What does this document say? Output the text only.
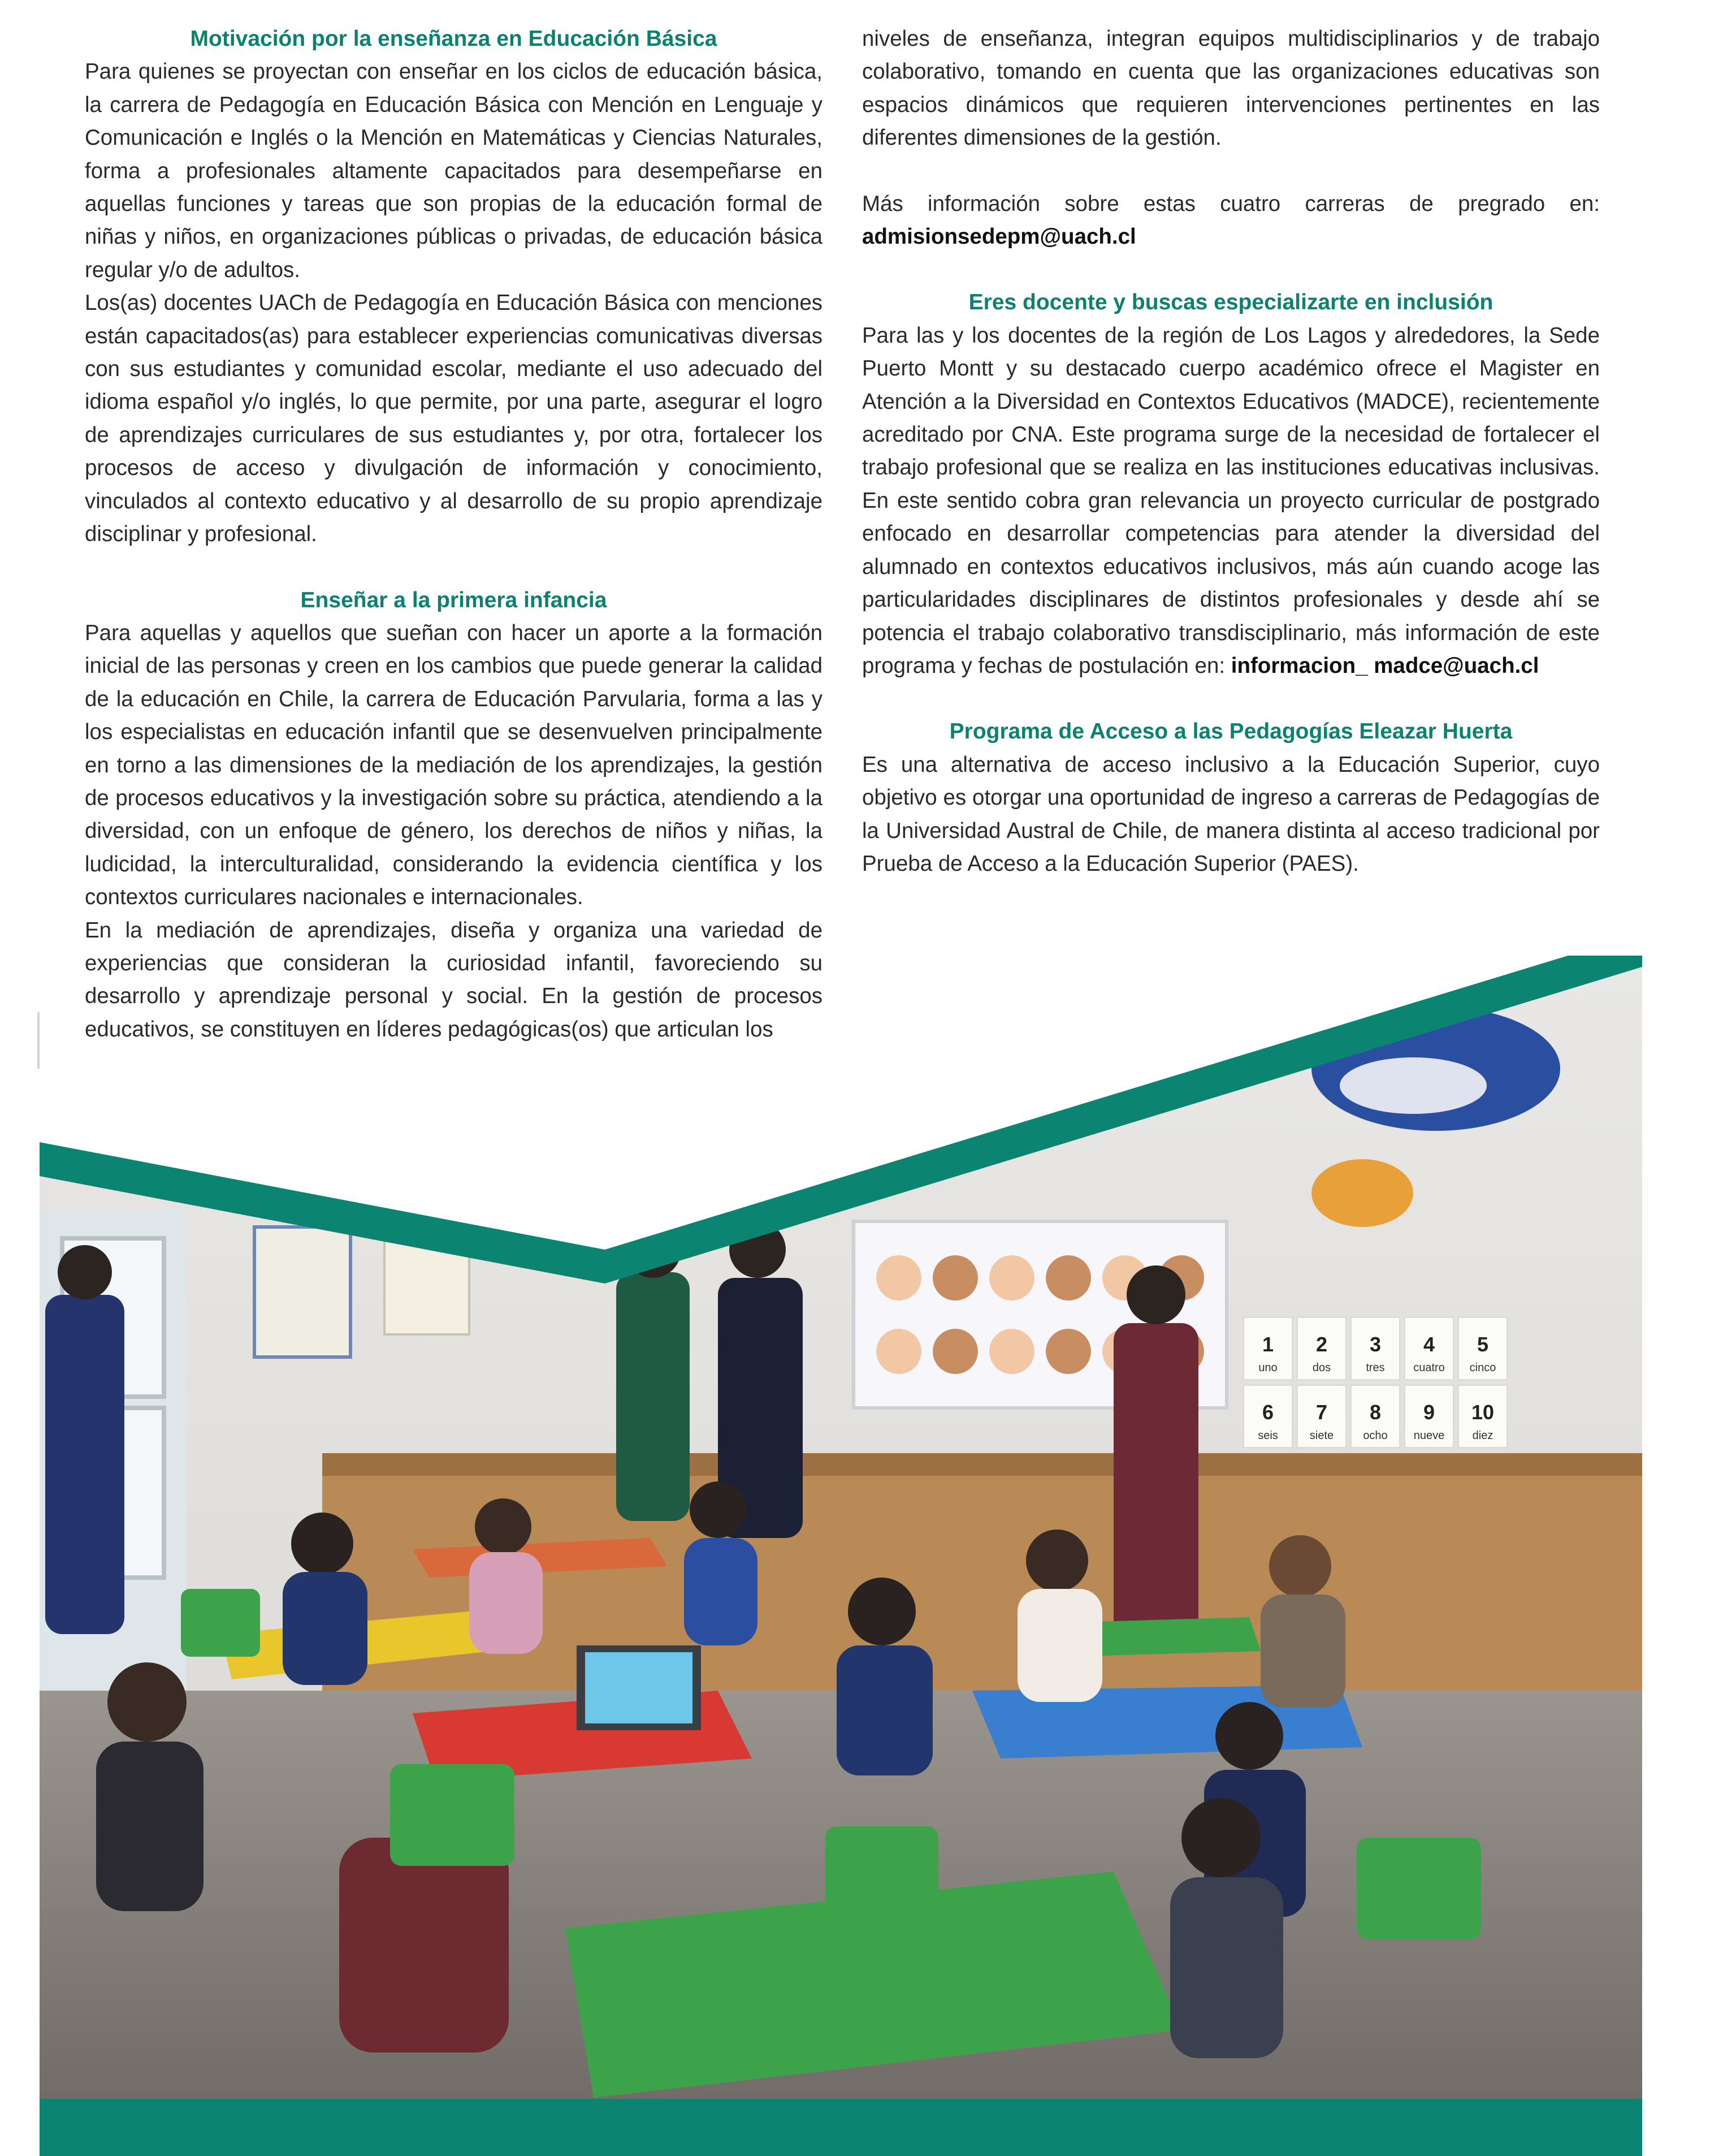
Motivación por la enseñanza en Educación Básica

Para quienes se proyectan con enseñar en los ciclos de educación básica, la carrera de Pedagogía en Educación Básica con Mención en Lenguaje y Comunicación e Inglés o la Mención en Matemáticas y Ciencias Naturales, forma a profesionales altamente capacitados para desempeñarse en aquellas funciones y tareas que son propias de la educación formal de niñas y niños, en organizaciones públicas o privadas, de educación básica regular y/o de adultos.

Los(as) docentes UACh de Pedagogía en Educación Básica con menciones están capacitados(as) para establecer experiencias comunicativas diversas con sus estudiantes y comunidad escolar, mediante el uso adecuado del idioma español y/o inglés, lo que permite, por una parte, asegurar el logro de aprendizajes curriculares de sus estudiantes y, por otra, fortalecer los procesos de acceso y divulgación de información y conocimiento, vinculados al contexto educativo y al desarrollo de su propio aprendizaje disciplinar y profesional.

Enseñar a la primera infancia

Para aquellas y aquellos que sueñan con hacer un aporte a la formación inicial de las personas y creen en los cambios que puede generar la calidad de la educación en Chile, la carrera de Educación Parvularia, forma a las y los especialistas en educación infantil que se desenvuelven principalmente en torno a las dimensiones de la mediación de los aprendizajes, la gestión de procesos educativos y la investigación sobre su práctica, atendiendo a la diversidad, con un enfoque de género, los derechos de niños y niñas, la ludicidad, la interculturalidad, considerando la evidencia científica y los contextos curriculares nacionales e internacionales.

En la mediación de aprendizajes, diseña y organiza una variedad de experiencias que consideran la curiosidad infantil, favoreciendo su desarrollo y aprendizaje personal y social. En la gestión de procesos educativos, se constituyen en líderes pedagógicas(os) que articulan los

niveles de enseñanza, integran equipos multidisciplinarios y de trabajo colaborativo, tomando en cuenta que las organizaciones educativas son espacios dinámicos que requieren intervenciones pertinentes en las diferentes dimensiones de la gestión.

Más información sobre estas cuatro carreras de pregrado en: admisionsedepm@uach.cl

Eres docente y buscas especializarte en inclusión

Para las y los docentes de la región de Los Lagos y alrededores, la Sede Puerto Montt y su destacado cuerpo académico ofrece el Magister en Atención a la Diversidad en Contextos Educativos (MADCE), recientemente acreditado por CNA. Este programa surge de la necesidad de fortalecer el trabajo profesional que se realiza en las instituciones educativas inclusivas. En este sentido cobra gran relevancia un proyecto curricular de postgrado enfocado en desarrollar competencias para atender la diversidad del alumnado en contextos educativos inclusivos, más aún cuando acoge las particularidades disciplinares de distintos profesionales y desde ahí se potencia el trabajo colaborativo transdisciplinario, más información de este programa y fechas de postulación en: informacion_ madce@uach.cl

Programa de Acceso a las Pedagogías Eleazar Huerta

Es una alternativa de acceso inclusivo a la Educación Superior, cuyo objetivo es otorgar una oportunidad de ingreso a carreras de Pedagogías de la Universidad Austral de Chile, de manera distinta al acceso tradicional por Prueba de Acceso a la Educación Superior (PAES).

1
uno
2
dos
3
tres
4
cuatro
5
cinco
6
seis
7
siete
8
ocho
9
nueve
10
diez
